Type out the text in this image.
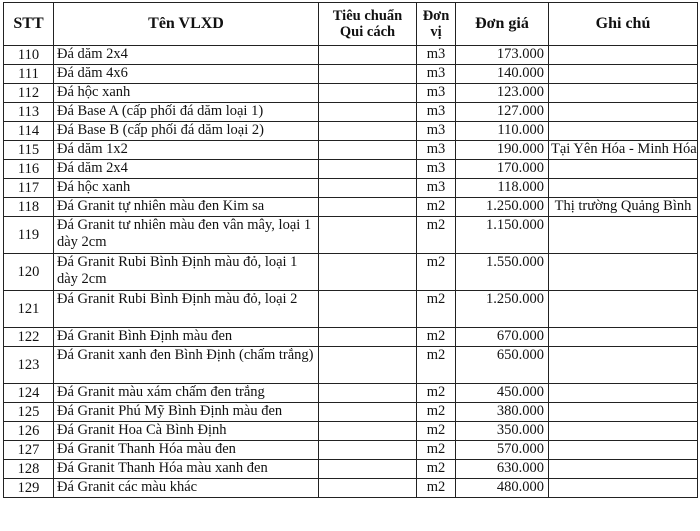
STT	Tên VLXD	Tiêu chuẩn Qui cách	Đơn vị	Đơn giá	Ghi chú
110	Đá dăm 2x4		m3	173.000	
111	Đá dăm 4x6		m3	140.000	
112	Đá hộc xanh		m3	123.000	
113	Đá Base A (cấp phối đá dăm loại 1)		m3	127.000	
114	Đá Base B (cấp phối đá dăm loại 2)		m3	110.000	
115	Đá dăm 1x2		m3	190.000	Tại Yên Hóa - Minh Hóa
116	Đá dăm 2x4		m3	170.000	
117	Đá hộc xanh		m3	118.000	
118	Đá Granit tự nhiên màu đen Kim sa		m2	1.250.000	Thị trường Quảng Bình
119	Đá Granit tư nhiên màu đen vân mây, loại 1 dày 2cm		m2	1.150.000	
120	Đá Granit Rubi Bình Định màu đỏ, loại 1 dày 2cm		m2	1.550.000	
121	Đá Granit Rubi Bình Định màu đỏ, loại 2		m2	1.250.000	
122	Đá Granit Bình Định màu đen		m2	670.000	
123	Đá Granit xanh đen Bình Định (chấm trắng)		m2	650.000	
124	Đá Granit màu xám chấm đen trắng		m2	450.000	
125	Đá Granit Phú Mỹ Bình Định màu đen		m2	380.000	
126	Đá Granit Hoa Cà Bình Định		m2	350.000	
127	Đá Granit Thanh Hóa màu đen		m2	570.000	
128	Đá Granit Thanh Hóa màu xanh đen		m2	630.000	
129	Đá Granit các màu khác		m2	480.000	
